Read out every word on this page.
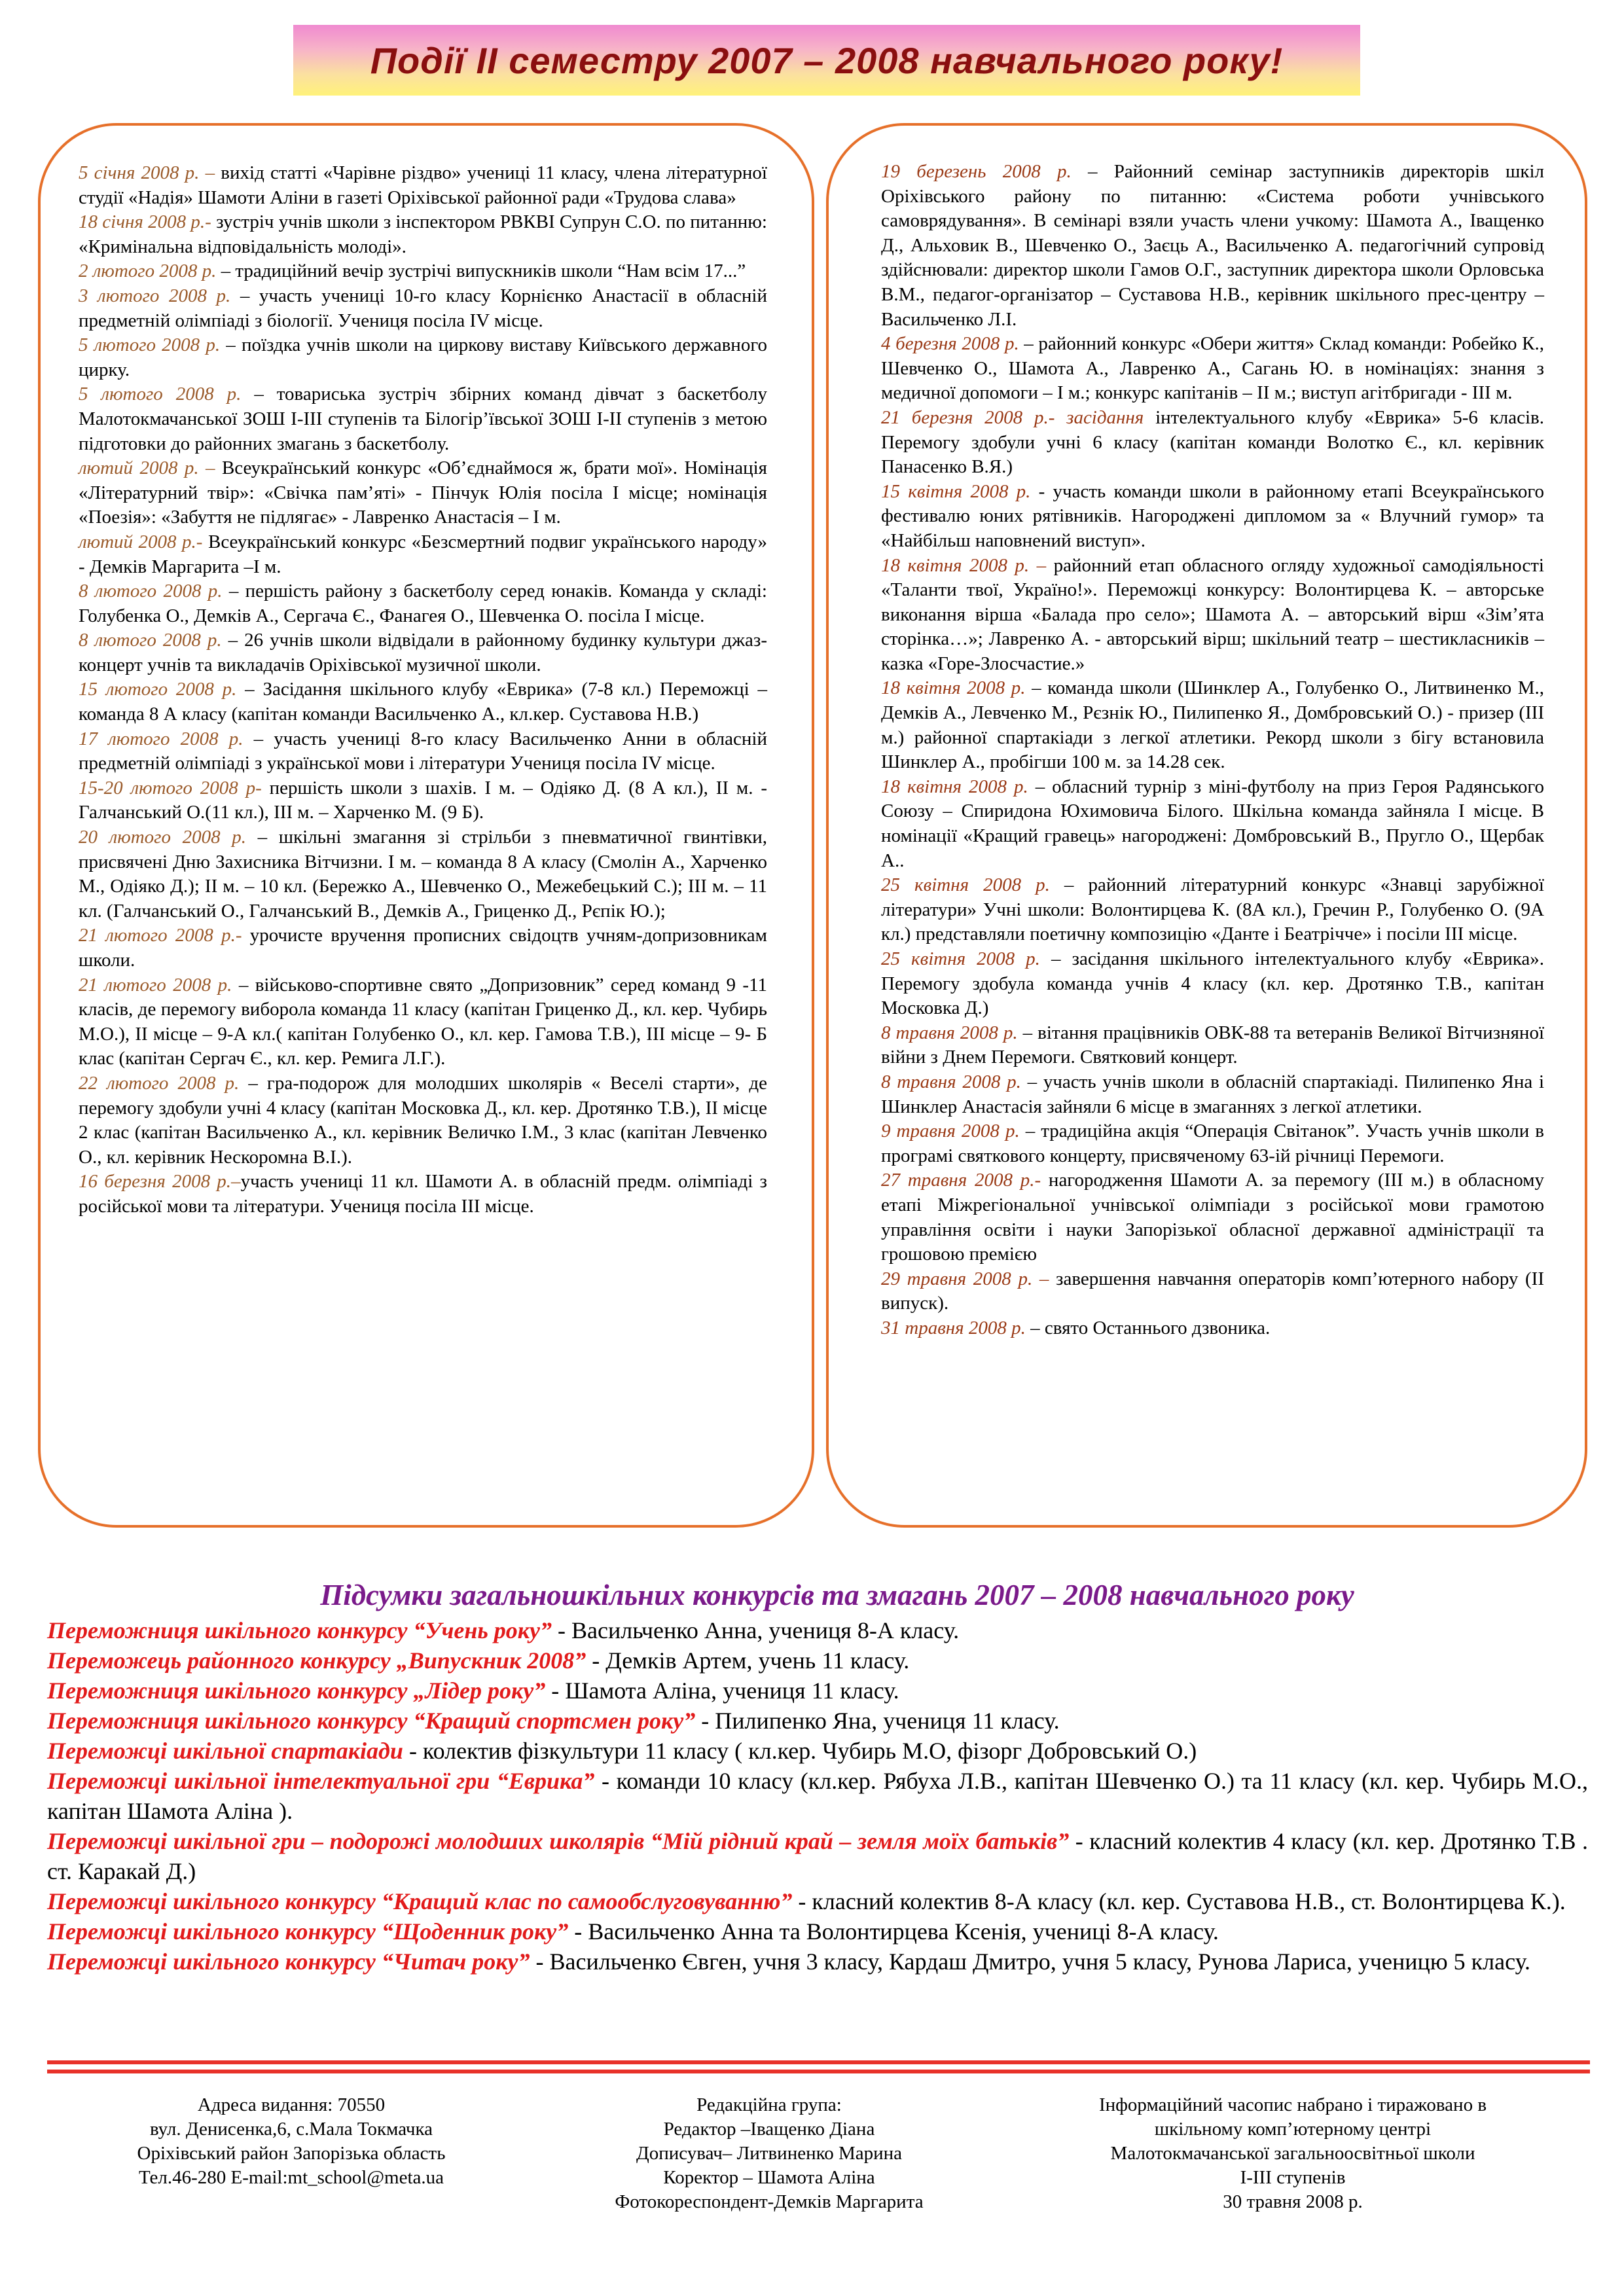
Події ІІ семестру 2007 – 2008 навчального року!

5 січня 2008 р. – вихід статті «Чарівне різдво» учениці 11 класу, члена літературної студії «Надія» Шамоти Аліни в газеті Оріхівської районної ради «Трудова слава»

18 січня 2008 р.- зустріч учнів школи з інспектором РВКВІ Супрун С.О. по питанню: «Кримінальна відповідальність молоді».

2 лютого 2008 р. – традиційний вечір зустрічі випускників школи “Нам всім 17...”

3 лютого 2008 р. – участь учениці 10-го класу Корнієнко Анастасії в обласній предметній олімпіаді з біології. Учениця посіла IV місце.

5 лютого 2008 р. – поїздка учнів школи на циркову виставу Київського державного цирку.

5 лютого 2008 р. – товариська зустріч збірних команд дівчат з баскетболу Малотокмачанської ЗОШ І-ІІІ ступенів та Білогір’ївської ЗОШ І-ІІ ступенів з метою підготовки до районних змагань з баскетболу.

лютий 2008 р. – Всеукраїнський конкурс «Об’єднаймося ж, брати мої». Номінація «Літературний твір»: «Свічка пам’яті» - Пінчук Юлія посіла І місце; номінація «Поезія»: «Забуття не підлягає» - Лавренко Анастасія – І м.

лютий 2008 р.- Всеукраїнський конкурс «Безсмертний подвиг українського народу» - Демків Маргарита –І м.

8 лютого 2008 р. – першість району з баскетболу серед юнаків. Команда у складі: Голубенка О., Демків А., Сергача Є., Фанагея О., Шевченка О. посіла І місце.

8 лютого 2008 р. – 26 учнів школи відвідали в районному будинку культури джаз-концерт учнів та викладачів Оріхівської музичної школи.

15 лютого 2008 р. – Засідання шкільного клубу «Еврика» (7-8 кл.) Переможці – команда 8 А класу (капітан команди Васильченко А., кл.кер. Суставова Н.В.)

17 лютого 2008 р. – участь учениці 8-го класу Васильченко Анни в обласній предметній олімпіаді з української мови і літератури Учениця посіла IV місце.

15-20 лютого 2008 р- першість школи з шахів. І м. – Одіяко Д. (8 А кл.), ІІ м. - Галчанський О.(11 кл.), ІІІ м. – Харченко М. (9 Б).

20 лютого 2008 р. – шкільні змагання зі стрільби з пневматичної гвинтівки, присвячені Дню Захисника Вітчизни. І м. – команда 8 А класу (Смолін А., Харченко М., Одіяко Д.); ІІ м. – 10 кл. (Бережко А., Шевченко О., Межебецький С.); ІІІ м. – 11 кл. (Галчанський О., Галчанський В., Демків А., Гриценко Д., Рєпік Ю.);

21 лютого 2008 р.- урочисте вручення прописних свідоцтв учням-допризовникам школи.

21 лютого 2008 р. – військово-спортивне свято „Допризовник” серед команд 9 -11 класів, де перемогу виборола команда 11 класу (капітан Гриценко Д., кл. кер. Чубирь М.О.), ІІ місце – 9-А кл.( капітан Голубенко О., кл. кер. Гамова Т.В.), ІІІ місце – 9- Б клас (капітан Сергач Є., кл. кер. Ремига Л.Г.).

22 лютого 2008 р. – гра-подорож для молодших школярів « Веселі старти», де перемогу здобули учні 4 класу (капітан Московка Д., кл. кер. Дротянко Т.В.), ІІ місце 2 клас (капітан Васильченко А., кл. керівник Величко І.М., 3 клас (капітан Левченко О., кл. керівник Нескоромна В.І.).

16 березня 2008 р.–участь учениці 11 кл. Шамоти А. в обласній предм. олімпіаді з російської мови та літератури. Учениця посіла ІІІ місце.

19 березень 2008 р. – Районний семінар заступників директорів шкіл Оріхівського району по питанню: «Система роботи учнівського самоврядування». В семінарі взяли участь члени учкому: Шамота А., Іващенко Д., Альховик В., Шевченко О., Заєць А., Васильченко А. педагогічний супровід здійснювали: директор школи Гамов О.Г., заступник директора школи Орловська В.М., педагог-організатор – Суставова Н.В., керівник шкільного прес-центру – Васильченко Л.І.

4 березня 2008 р. – районний конкурс «Обери життя» Склад команди: Робейко К., Шевченко О., Шамота А., Лавренко А., Сагань Ю. в номінаціях: знання з медичної допомоги – І м.; конкурс капітанів – ІІ м.; виступ агітбригади - ІІІ м.

21 березня 2008 р.- засідання інтелектуального клубу «Еврика» 5-6 класів. Перемогу здобули учні 6 класу (капітан команди Волотко Є., кл. керівник Панасенко В.Я.)

15 квітня 2008 р. - участь команди школи в районному етапі Всеукраїнського фестивалю юних рятівників. Нагороджені дипломом за « Влучний гумор» та «Найбільш наповнений виступ».

18 квітня 2008 р. – районний етап обласного огляду художньої самодіяльності «Таланти твої, Україно!». Переможці конкурсу: Волонтирцева К. – авторське виконання вірша «Балада про село»; Шамота А. – авторський вірш «Зім’ята сторінка…»; Лавренко А. - авторський вірш; шкільний театр – шестикласників – казка «Горе-Злосчастие.»

18 квітня 2008 р. – команда школи (Шинклер А., Голубенко О., Литвиненко М., Демків А., Левченко М., Рєзнік Ю., Пилипенко Я., Домбровський О.) - призер (ІІІ м.) районної спартакіади з легкої атлетики. Рекорд школи з бігу встановила Шинклер А., пробігши 100 м. за 14.28 сек.

18 квітня 2008 р. – обласний турнір з міні-футболу на приз Героя Радянського Союзу – Спиридона Юхимовича Білого. Шкільна команда зайняла І місце. В номінації «Кращий гравець» нагороджені: Домбровський В., Пругло О., Щербак А..

25 квітня 2008 р. – районний літературний конкурс «Знавці зарубіжної літератури» Учні школи: Волонтирцева К. (8А кл.), Гречин Р., Голубенко О. (9А кл.) представляли поетичну композицію «Данте і Беатрічче» і посіли ІІІ місце.

25 квітня 2008 р. – засідання шкільного інтелектуального клубу «Еврика». Перемогу здобула команда учнів 4 класу (кл. кер. Дротянко Т.В., капітан Московка Д.)

8 травня 2008 р. – вітання працівників ОВК-88 та ветеранів Великої Вітчизняної війни з Днем Перемоги. Святковий концерт.

8 травня 2008 р. – участь учнів школи в обласній спартакіаді. Пилипенко Яна і Шинклер Анастасія зайняли 6 місце в змаганнях з легкої атлетики.

9 травня 2008 р. – традиційна акція “Операція Світанок”. Участь учнів школи в програмі святкового концерту, присвяченому 63-ій річниці Перемоги.

27 травня 2008 р.- нагородження Шамоти А. за перемогу (ІІІ м.) в обласному етапі Міжрегіональної учнівської олімпіади з російської мови грамотою управління освіти і науки Запорізької обласної державної адміністрації та грошовою премією

29 травня 2008 р. – завершення навчання операторів комп’ютерного набору (ІІ випуск).

31 травня 2008 р. – свято Останнього дзвоника.

Підсумки загальношкільних конкурсів та змагань 2007 – 2008 навчального року

Переможниця шкільного конкурсу “Учень року” - Васильченко Анна, учениця 8-А класу.

Переможець районного конкурсу „Випускник 2008” - Демків Артем, учень 11 класу.

Переможниця шкільного конкурсу „Лідер року” - Шамота Аліна, учениця 11 класу.

Переможниця шкільного конкурсу “Кращий спортсмен року” - Пилипенко Яна, учениця 11 класу.

Переможці шкільної спартакіади - колектив фізкультури 11 класу ( кл.кер. Чубирь М.О, фізорг Добровський О.)

Переможці шкільної інтелектуальної гри “Еврика” - команди 10 класу (кл.кер. Рябуха Л.В., капітан Шевченко О.) та 11 класу (кл. кер. Чубирь М.О., капітан Шамота Аліна ).

Переможці шкільної гри – подорожі молодших школярів “Мій рідний край – земля моїх батьків” - класний колектив 4 класу (кл. кер. Дротянко Т.В . ст. Каракай Д.)

Переможці шкільного конкурсу “Кращий клас по самообслуговуванню” - класний колектив 8-А класу (кл. кер. Суставова Н.В., ст. Волонтирцева К.).

Переможці шкільного конкурсу “Щоденник року” - Васильченко Анна та Волонтирцева Ксенія, учениці 8-А класу.

Переможці шкільного конкурсу “Читач року” - Васильченко Євген, учня 3 класу, Кардаш Дмитро, учня 5 класу, Рунова Лариса, ученицю 5 класу.

Адреса видання: 70550
вул. Денисенка,6, с.Мала Токмачка
Оріхівський район Запорізька область
Тел.46-280 E-mail:mt_school@meta.ua
Редакційна група:
Редактор –Іващенко Діана
Дописувач– Литвиненко Марина
Коректор – Шамота Аліна
Фотокореспондент-Демків Маргарита
Інформаційний часопис набрано і тиражовано в
шкільному комп’ютерному центрі
Малотокмачанської загальноосвітньої школи
І-ІІІ ступенів
30 травня 2008 р.
